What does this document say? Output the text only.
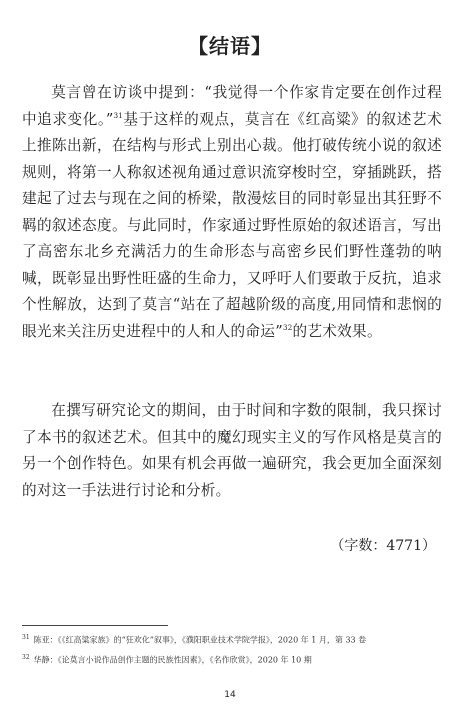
【结语】

莫言曾在访谈中提到：“我觉得一个作家肯定要在创作过程中追求变化。”$^{31}$基于这样的观点，莫言在《红高粱》的叙述艺术上推陈出新，在结构与形式上别出心裁。他打破传统小说的叙述规则，将第一人称叙述视角通过意识流穿梭时空，穿插跳跃，搭建起了过去与现在之间的桥梁，散漫炫目的同时彰显出其狂野不羁的叙述态度。与此同时，作家通过野性原始的叙述语言，写出了高密东北乡充满活力的生命形态与高密乡民们野性蓬勃的呐喊，既彰显出野性旺盛的生命力，又呼吁人们要敢于反抗，追求个性解放，达到了莫言“站在了超越阶级的高度,用同情和悲悯的眼光来关注历史进程中的人和人的命运”$^{32}$的艺术效果。

在撰写研究论文的期间，由于时间和字数的限制，我只探讨了本书的叙述艺术。但其中的魔幻现实主义的写作风格是莫言的另一个创作特色。如果有机会再做一遍研究，我会更加全面深刻的对这一手法进行讨论和分析。

（字数：4771）
$^{31}$ 陈亚：《《红高粱家族》的“狂欢化”叙事》，《濮阳职业技术学院学报》，2020 年 1 月，第 33 卷
$^{32}$ 华静：《论莫言小说作品创作主题的民族性因素》，《名作欣赏》，2020 年 10 期
14
